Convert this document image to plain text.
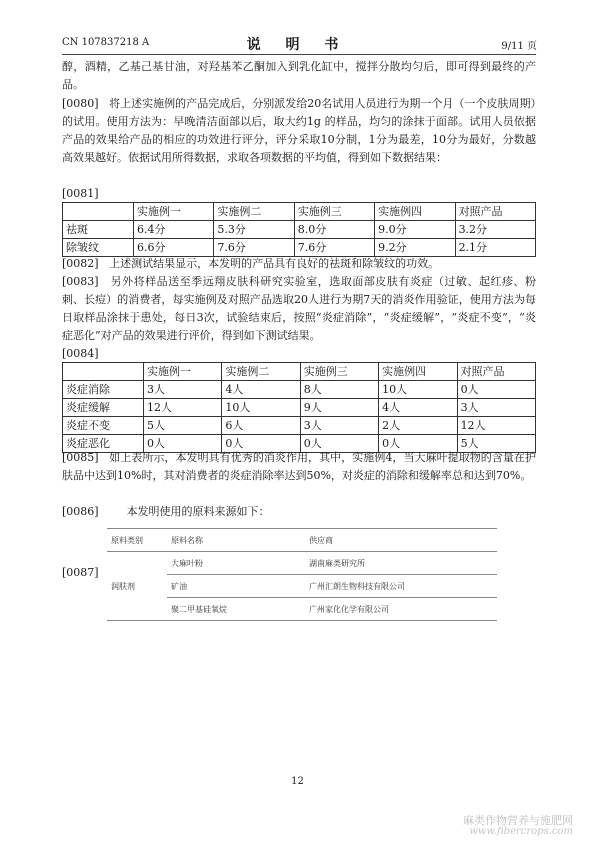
CN 107837218 A	说 明 书	9/11 页
醇，酒精，乙基己基甘油，对羟基苯乙酮加入到乳化缸中，搅拌分散均匀后，即可得到最终的产品。
[0080] 将上述实施例的产品完成后，分别派发给20名试用人员进行为期一个月（一个皮肤周期）的试用。使用方法为：早晚清洁面部以后，取大约1g 的样品，均匀的涂抹于面部。试用人员依据产品的效果给产品的相应的功效进行评分，评分采取10分制，1分为最差，10分为最好，分数越高效果越好。依据试用所得数据，求取各项数据的平均值，得到如下数据结果：
[0081]
	实施例一	实施例二	实施例三	实施例四	对照产品
祛斑	6.4分	5.3分	8.0分	9.0分	3.2分
除皱纹	6.6分	7.6分	7.6分	9.2分	2.1分
[0082] 上述测试结果显示，本发明的产品具有良好的祛斑和除皱纹的功效。
[0083] 另外将样品送至季远翔皮肤科研究实验室，选取面部皮肤有炎症（过敏、起红疹、粉刺、长痘）的消费者，每实施例及对照产品选取20人进行为期7天的消炎作用验证，使用方法为每日取样品涂抹于患处，每日3次，试验结束后，按照“炎症消除”，“炎症缓解”，“炎症不变”，“炎症恶化”对产品的效果进行评价，得到如下测试结果。
[0084]
	实施例一	实施例二	实施例三	实施例四	对照产品
炎症消除	3人	4人	8人	10人	0人
炎症缓解	12人	10人	9人	4人	3人
炎症不变	5人	6人	3人	2人	12人
炎症恶化	0人	0人	0人	0人	5人
[0085] 如上表所示，本发明具有优秀的消炎作用，其中，实施例4，当大麻叶提取物的含量在护肤品中达到10%时，其对消费者的炎症消除率达到50%，对炎症的消除和缓解率总和达到70%。
[0086]	本发明使用的原料来源如下：
[0087]
原料类别	原料名称	供应商
润肤剂	大麻叶粉	湖南麻类研究所
	矿油	广州汇朗生物科技有限公司
	聚二甲基硅氧烷	广州家化化学有限公司
12
麻类作物营养与施肥网
www.fibercrops.com
